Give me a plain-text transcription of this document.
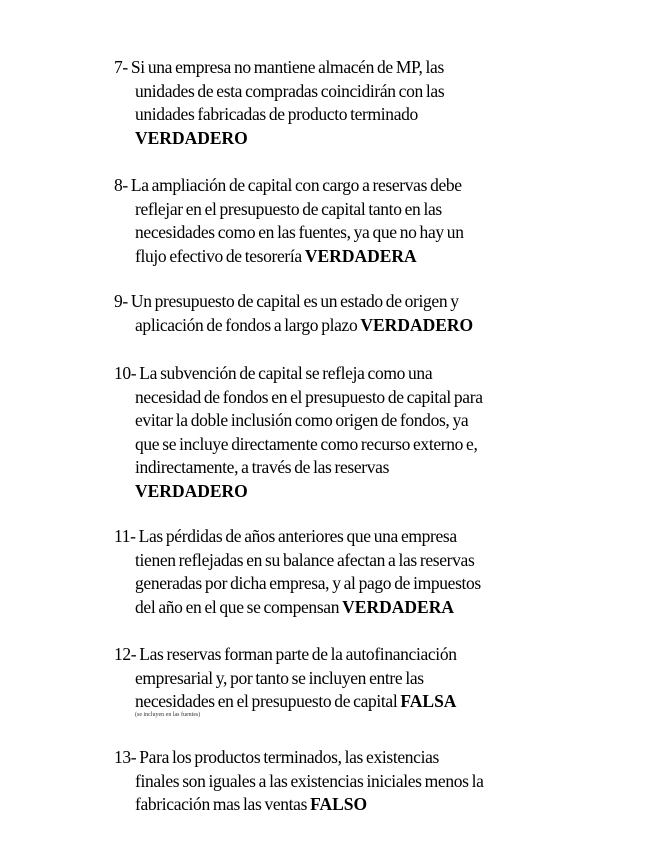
7- Si una empresa no mantiene almacén de MP, las
unidades de esta compradas coincidirán con las
unidades fabricadas de producto terminado
VERDADERO
8- La ampliación de capital con cargo a reservas debe
reflejar en el presupuesto de capital tanto en las
necesidades como en las fuentes, ya que no hay un
flujo efectivo de tesorería VERDADERA
9- Un presupuesto de capital es un estado de origen y
aplicación de fondos a largo plazo VERDADERO
10- La subvención de capital se refleja como una
necesidad de fondos en el presupuesto de capital para
evitar la doble inclusión como origen de fondos, ya
que se incluye directamente como recurso externo e,
indirectamente, a través de las reservas
VERDADERO
11- Las pérdidas de años anteriores que una empresa
tienen reflejadas en su balance afectan a las reservas
generadas por dicha empresa, y al pago de impuestos
del año en el que se compensan VERDADERA
12- Las reservas forman parte de la autofinanciación
empresarial y, por tanto se incluyen entre las
necesidades en el presupuesto de capital FALSA
(se incluyen en las fuentes)
13- Para los productos terminados, las existencias
finales son iguales a las existencias iniciales menos la
fabricación mas las ventas FALSO
